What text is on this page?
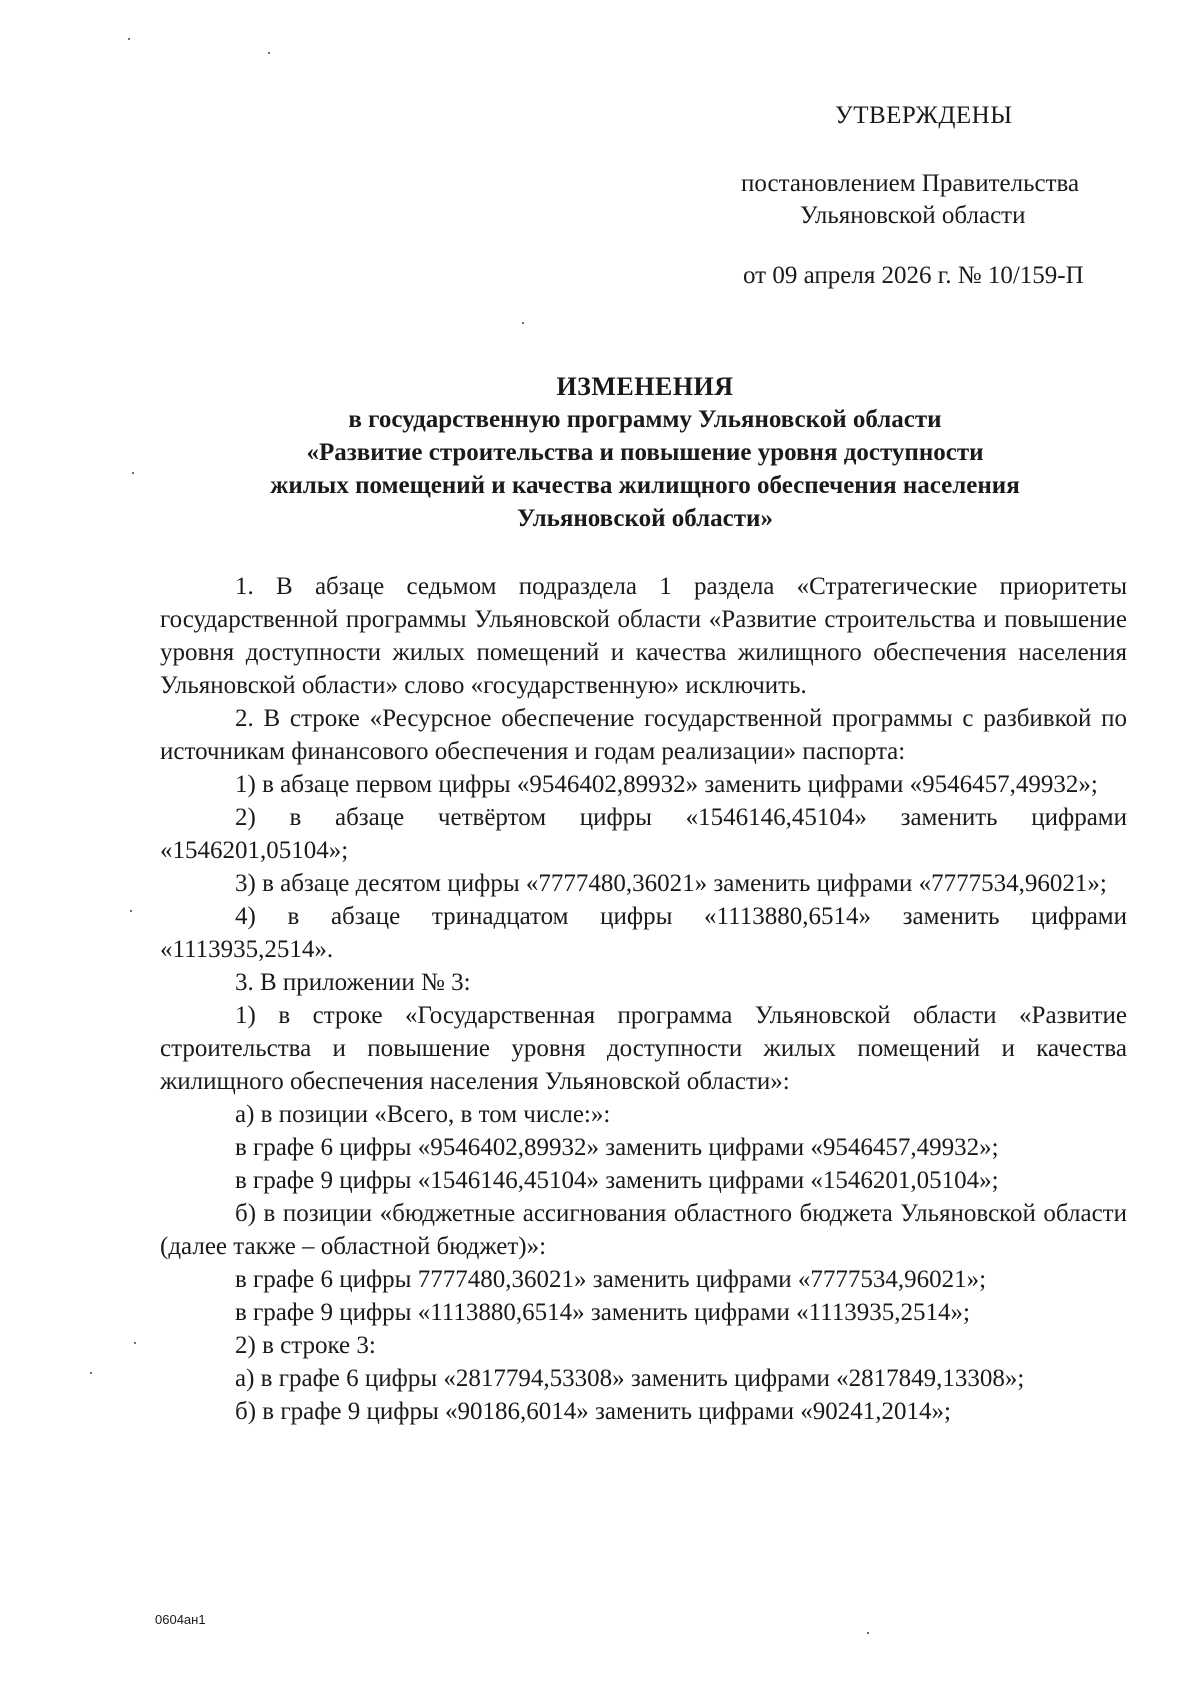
УТВЕРЖДЕНЫ
постановлением Правительства
Ульяновской области
от 09 апреля 2026 г. № 10/159-П
ИЗМЕНЕНИЯ
в государственную программу Ульяновской области
«Развитие строительства и повышение уровня доступности
жилых помещений и качества жилищного обеспечения населения
Ульяновской области»

1. В абзаце седьмом подраздела 1 раздела «Стратегические приоритеты государственной программы Ульяновской области «Развитие строительства и повышение уровня доступности жилых помещений и качества жилищного обеспечения населения Ульяновской области» слово «государственную» исключить.

2. В строке «Ресурсное обеспечение государственной программы с разбивкой по источникам финансового обеспечения и годам реализации» паспорта:

1) в абзаце первом цифры «9546402,89932» заменить цифрами «9546457,49932»;

2) в абзаце четвёртом цифры «1546146,45104» заменить цифрами «1546201,05104»;

3) в абзаце десятом цифры «7777480,36021» заменить цифрами «7777534,96021»;

4) в абзаце тринадцатом цифры «1113880,6514» заменить цифрами «1113935,2514».

3. В приложении № 3:

1) в строке «Государственная программа Ульяновской области «Развитие строительства и повышение уровня доступности жилых помещений и качества жилищного обеспечения населения Ульяновской области»:

а) в позиции «Всего, в том числе:»:

в графе 6 цифры «9546402,89932» заменить цифрами «9546457,49932»;

в графе 9 цифры «1546146,45104» заменить цифрами «1546201,05104»;

б) в позиции «бюджетные ассигнования областного бюджета Ульяновской области (далее также – областной бюджет)»:

в графе 6 цифры 7777480,36021» заменить цифрами «7777534,96021»;

в графе 9 цифры «1113880,6514» заменить цифрами «1113935,2514»;

2) в строке 3:

а) в графе 6 цифры «2817794,53308» заменить цифрами «2817849,13308»;

б) в графе 9 цифры «90186,6014» заменить цифрами «90241,2014»;

0604ан1
